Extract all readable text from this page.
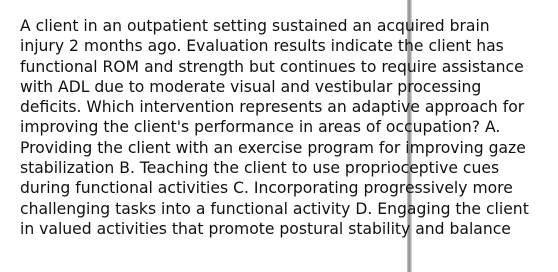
A client in an outpatient setting sustained an acquired brain
injury 2 months ago. Evaluation results indicate the client has
functional ROM and strength but continues to require assistance
with ADL due to moderate visual and vestibular processing
deficits. Which intervention represents an adaptive approach for
improving the client's performance in areas of occupation? A.
Providing the client with an exercise program for improving gaze
stabilization B. Teaching the client to use proprioceptive cues
during functional activities C. Incorporating progressively more
challenging tasks into a functional activity D. Engaging the client
in valued activities that promote postural stability and balance
